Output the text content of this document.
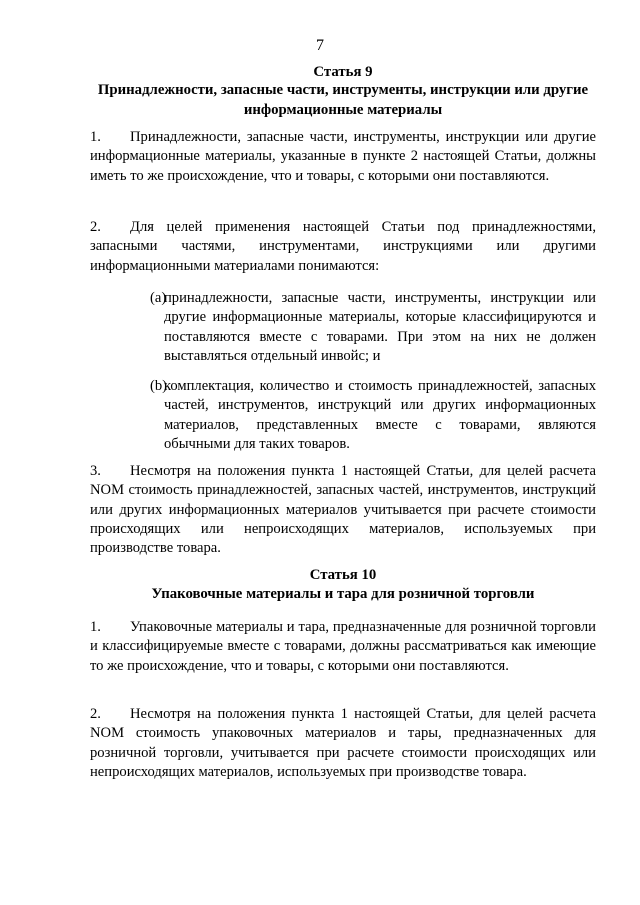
7
Статья 9
Принадлежности, запасные части, инструменты, инструкции или другие информационные материалы
1. Принадлежности, запасные части, инструменты, инструкции или другие информационные материалы, указанные в пункте 2 настоящей Статьи, должны иметь то же происхождение, что и товары, с которыми они поставляются.
2. Для целей применения настоящей Статьи под принадлежностями, запасными частями, инструментами, инструкциями или другими информационными материалами понимаются:
(a)
принадлежности, запасные части, инструменты, инструкции или другие информационные материалы, которые классифицируются и поставляются вместе с товарами. При этом на них не должен выставляться отдельный инвойс; и
(b)
комплектация, количество и стоимость принадлежностей, запасных частей, инструментов, инструкций или других информационных материалов, представленных вместе с товарами, являются обычными для таких товаров.
3. Несмотря на положения пункта 1 настоящей Статьи, для целей расчета NOM стоимость принадлежностей, запасных частей, инструментов, инструкций или других информационных материалов учитывается при расчете стоимости происходящих или непроисходящих материалов, используемых при производстве товара.
Статья 10
Упаковочные материалы и тара для розничной торговли
1. Упаковочные материалы и тара, предназначенные для розничной торговли и классифицируемые вместе с товарами, должны рассматриваться как имеющие то же происхождение, что и товары, с которыми они поставляются.
2. Несмотря на положения пункта 1 настоящей Статьи, для целей расчета NOM стоимость упаковочных материалов и тары, предназначенных для розничной торговли, учитывается при расчете стоимости происходящих или непроисходящих материалов, используемых при производстве товара.
